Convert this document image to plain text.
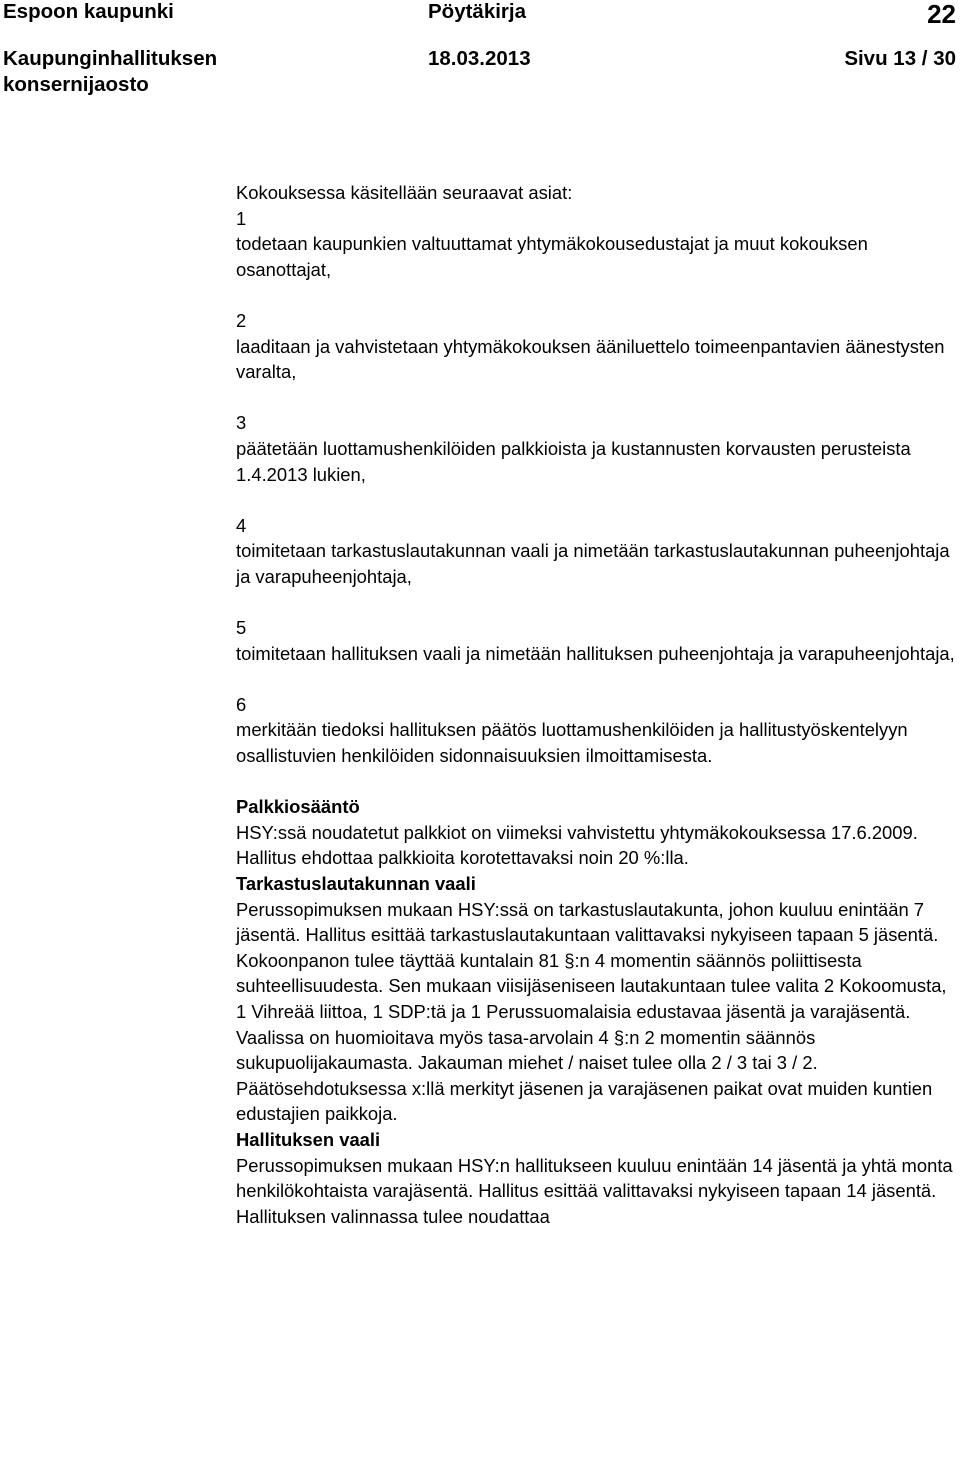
Espoon kaupunki	Pöytäkirja	22
Kaupunginhallituksen	18.03.2013	Sivu 13 / 30
konsernijaosto

Kokouksessa käsitellään seuraavat asiat:

1
todetaan kaupunkien valtuuttamat yhtymäkokousedustajat ja muut kokouksen osanottajat,
2
laaditaan ja vahvistetaan yhtymäkokouksen ääniluettelo toimeenpantavien äänestysten varalta,
3
päätetään luottamushenkilöiden palkkioista ja kustannusten korvausten perusteista 1.4.2013 lukien,
4
toimitetaan tarkastuslautakunnan vaali ja nimetään tarkastuslautakunnan puheenjohtaja ja varapuheenjohtaja,
5
toimitetaan hallituksen vaali ja nimetään hallituksen puheenjohtaja ja varapuheenjohtaja,
6
merkitään tiedoksi hallituksen päätös luottamushenkilöiden ja hallitustyöskentelyyn osallistuvien henkilöiden sidonnaisuuksien ilmoittamisesta.

Palkkiosääntö

HSY:ssä noudatetut palkkiot on viimeksi vahvistettu yhtymäkokouksessa 17.6.2009. Hallitus ehdottaa palkkioita korotettavaksi noin 20 %:lla.

Tarkastuslautakunnan vaali

Perussopimuksen mukaan HSY:ssä on tarkastuslautakunta, johon kuuluu enintään 7 jäsentä. Hallitus esittää tarkastuslautakuntaan valittavaksi nykyiseen tapaan 5 jäsentä. Kokoonpanon tulee täyttää kuntalain 81 §:n 4 momentin säännös poliittisesta suhteellisuudesta. Sen mukaan viisijäseniseen lautakuntaan tulee valita 2 Kokoomusta, 1 Vihreää liittoa, 1 SDP:tä ja 1 Perussuomalaisia edustavaa jäsentä ja varajäsentä. Vaalissa on huomioitava myös tasa-arvolain 4 §:n 2 momentin säännös sukupuolijakaumasta. Jakauman miehet / naiset tulee olla 2 / 3 tai 3 / 2.

Päätösehdotuksessa x:llä merkityt jäsenen ja varajäsenen paikat ovat muiden kuntien edustajien paikkoja.

Hallituksen vaali

Perussopimuksen mukaan HSY:n hallitukseen kuuluu enintään 14 jäsentä ja yhtä monta henkilökohtaista varajäsentä. Hallitus esittää valittavaksi nykyiseen tapaan 14 jäsentä. Hallituksen valinnassa tulee noudattaa
